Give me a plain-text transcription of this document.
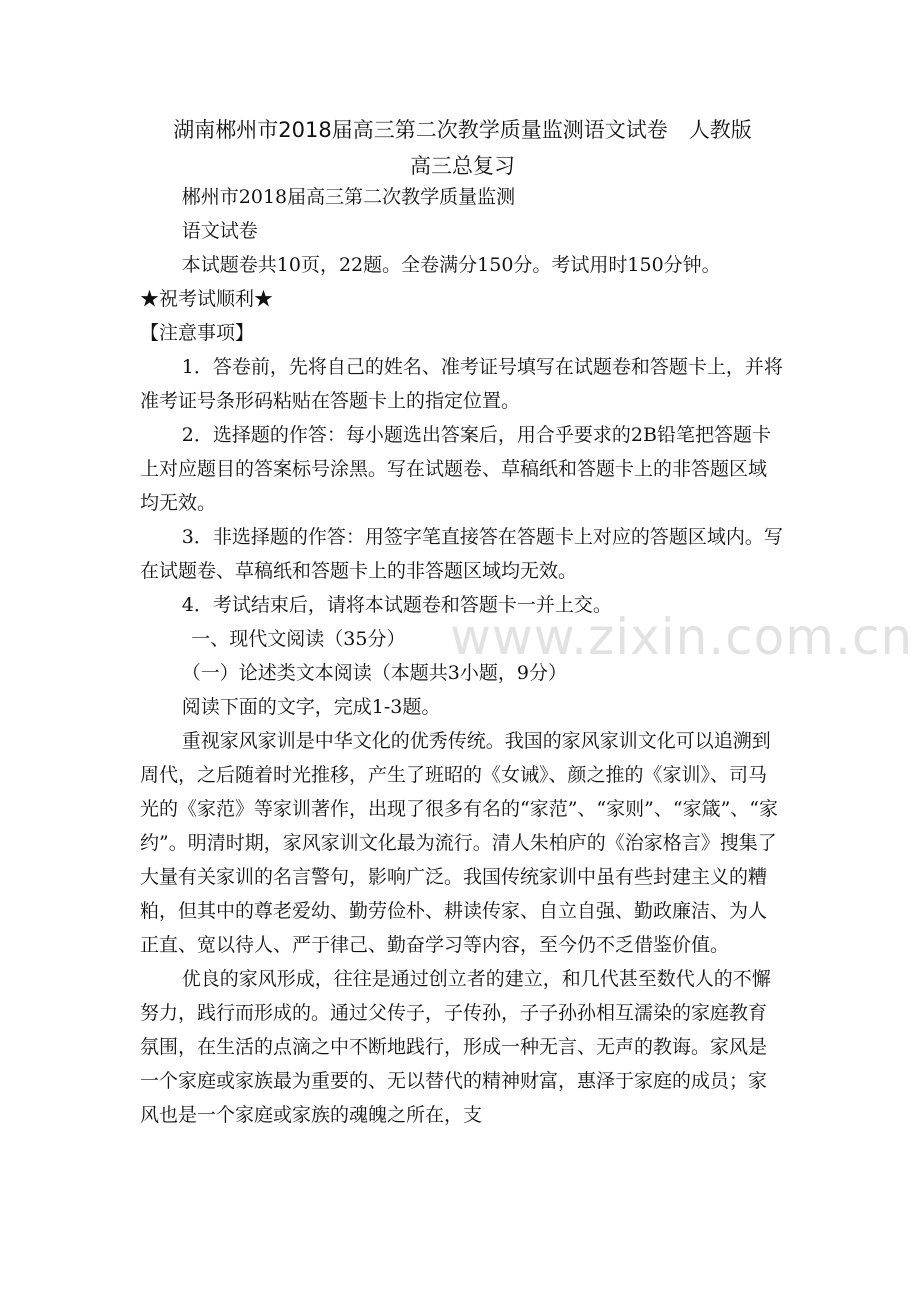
湖南郴州市2018届高三第二次教学质量监测语文试卷　人教版
高三总复习

郴州市2018届高三第二次教学质量监测

语文试卷

本试题卷共10页，22题。全卷满分150分。考试用时150分钟。

★祝考试顺利★

【注意事项】

1．答卷前，先将自己的姓名、准考证号填写在试题卷和答题卡上，并将准考证号条形码粘贴在答题卡上的指定位置。

2．选择题的作答：每小题选出答案后，用合乎要求的2B铅笔把答题卡上对应题目的答案标号涂黑。写在试题卷、草稿纸和答题卡上的非答题区域均无效。

3．非选择题的作答：用签字笔直接答在答题卡上对应的答题区域内。写在试题卷、草稿纸和答题卡上的非答题区域均无效。

4．考试结束后，请将本试题卷和答题卡一并上交。

一、现代文阅读（35分）

（一）论述类文本阅读（本题共3小题，9分）

阅读下面的文字，完成1-3题。

重视家风家训是中华文化的优秀传统。我国的家风家训文化可以追溯到周代，之后随着时光推移，产生了班昭的《女诫》、颜之推的《家训》、司马光的《家范》等家训著作，出现了很多有名的“家范”、“家则”、“家箴”、“家约”。明清时期，家风家训文化最为流行。清人朱柏庐的《治家格言》搜集了大量有关家训的名言警句，影响广泛。我国传统家训中虽有些封建主义的糟粕，但其中的尊老爱幼、勤劳俭朴、耕读传家、自立自强、勤政廉洁、为人正直、宽以待人、严于律己、勤奋学习等内容，至今仍不乏借鉴价值。

优良的家风形成，往往是通过创立者的建立，和几代甚至数代人的不懈努力，践行而形成的。通过父传子，子传孙，子子孙孙相互濡染的家庭教育氛围，在生活的点滴之中不断地践行，形成一种无言、无声的教诲。家风是一个家庭或家族最为重要的、无以替代的精神财富，惠泽于家庭的成员；家风也是一个家庭或家族的魂魄之所在，支

www.zixin.com.cn
